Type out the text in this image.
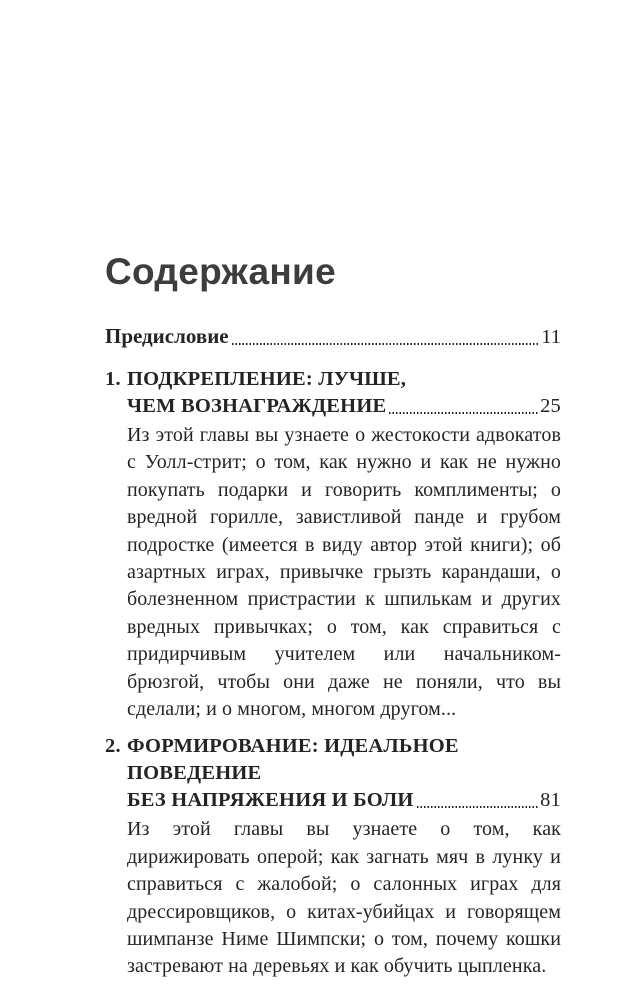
Содержание
Предисловие	11
1. ПОДКРЕПЛЕНИЕ: ЛУЧШЕ,
ЧЕМ ВОЗНАГРАЖДЕНИЕ	25

Из этой главы вы узнаете о жестокости адвокатов с Уолл-стрит; о том, как нужно и как не нужно покупать подарки и говорить комплименты; о вредной горилле, завистливой панде и грубом подростке (имеется в виду автор этой книги); об азартных играх, привычке грызть карандаши, о болезненном пристрастии к шпилькам и других вредных привычках; о том, как справиться с придирчивым учителем или начальником-брюзгой, чтобы они даже не поняли, что вы сделали; и о многом, многом другом...

2. ФОРМИРОВАНИЕ: ИДЕАЛЬНОЕ ПОВЕДЕНИЕ
БЕЗ НАПРЯЖЕНИЯ И БОЛИ	81

Из этой главы вы узнаете о том, как дирижировать оперой; как загнать мяч в лунку и справиться с жалобой; о салонных играх для дрессировщиков, о китах-убийцах и говорящем шимпанзе Ниме Шимпски; о том, почему кошки застревают на деревьях и как обучить цыпленка.
